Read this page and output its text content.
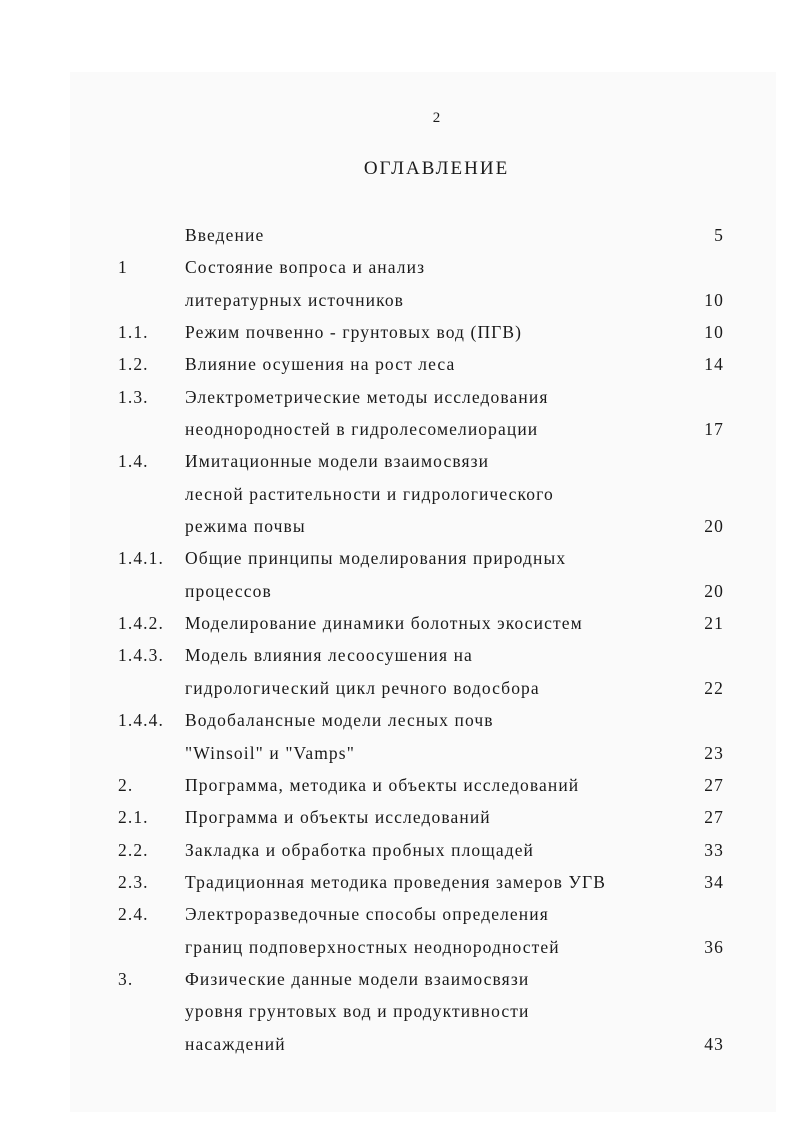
2
ОГЛАВЛЕНИЕ
Введение	5
1	Состояние вопроса и анализ
литературных источников	10
1.1. Режим почвенно - грунтовых вод (ПГВ)	10
1.2. Влияние осушения на рост леса	14
1.3. Электрометрические методы исследования
неоднородностей в гидролесомелиорации	17
1.4. Имитационные модели взаимосвязи
лесной растительности и гидрологического
режима почвы	20
1.4.1. Общие принципы моделирования природных
процессов	20
1.4.2. Моделирование динамики болотных экосистем	21
1.4.3. Модель влияния лесоосушения на
гидрологический цикл речного водосбора	22
1.4.4. Водобалансные модели лесных почв
"Winsoil" и "Vamps"	23
2.	Программа, методика и объекты исследований	27
2.1. Программа и объекты исследований	27
2.2. Закладка и обработка пробных площадей	33
2.3. Традиционная методика проведения замеров УГВ	34
2.4. Электроразведочные способы определения
границ подповерхностных неоднородностей	36
3.	Физические данные модели взаимосвязи
уровня грунтовых вод и продуктивности
насаждений	43
